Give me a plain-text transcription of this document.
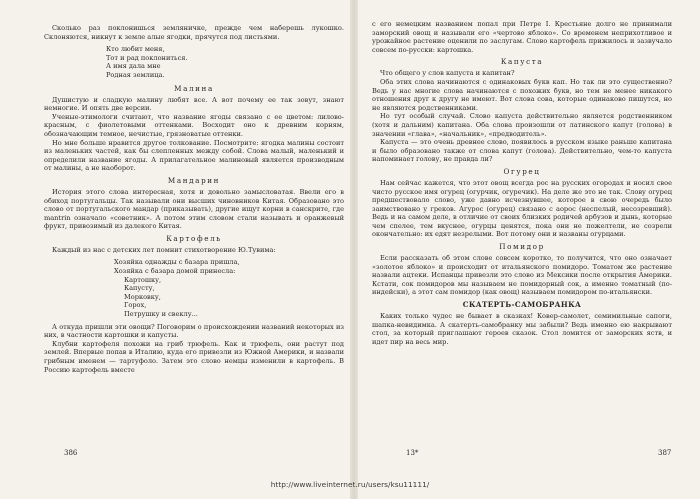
Сколько раз поклонишься земляничке, прежде чем наберешь лукошко. Склоняются, никнут к земле алые ягодки, прячутся под листьями.

Кто любит меня,
Тот и рад поклониться.
А имя дала мне
Родная землица.
Малина

Душистую и сладкую малину любят все. А вот почему ее так зовут, знают немногие. И опять две версии.

Ученые-этимологи считают, что название ягоды связано с ее цветом: лилово-красным, с фиолетовыми оттенками. Восходит оно к древним корням, обозначающим темное, нечистые, грязноватые оттенки.

Но мне больше нравится другое толкование. Посмотрите: ягодка малины состоит из маленьких частей, как бы слепленных между собой. Слова малый, маленький и определили название ягоды. А прилагательное малиновый является производным от малины, а не наоборот.

Мандарин

История этого слова интересная, хотя и довольно замысловатая. Ввели его в обиход португальцы. Так называли они высших чиновников Китая. Образовано это слово от португальского мандар (приказывать), другие ищут корни в санскрите, где mantrin означало «советник». А потом этим словом стали называть и оранжевый фрукт, привозимый из далекого Китая.

Картофель

Каждый из нас с детских лет помнит стихотворение Ю.Тувима:

Хозяйка однажды с базара пришла,
Хозяйка с базара домой принесла:
Картошку,
Капусту,
Морковку,
Горох,
Петрушку и свеклу...

А откуда пришли эти овощи? Поговорим о происхождении названий некоторых из них, в частности картошки и капусты.

Клубни картофеля похожи на гриб трюфель. Как и трюфель, они растут под землей. Впервые попав в Италию, куда его привезли из Южной Америки, и назвали грибным именем — тартуфоло. Затем это слово немцы изменили в картофель. В Россию картофель вместе

с его немецким названием попал при Петре I. Крестьяне долго не принимали заморский овощ и называли его «чертово яблоко». Со временем неприхотливое и урожайное растение оценили по заслугам. Слово картофель прижилось и зазвучало совсем по-русски: картошка.

Капуста

Что общего у слов капуста и капитан?

Оба этих слова начинаются с одинаковых букв кап. Но так ли это существенно? Ведь у нас многие слова начинаются с похожих букв, но тем не менее никакого отношения друг к другу не имеют. Вот слова сова, которые одинаково пишутся, но не являются родственниками.

Но тут особый случай. Слово капуста действительно является родственником (хотя и дальним) капитана. Оба слова произошли от латинского капут (голова) в значении «глава», «начальник», «предводитель».

Капуста — это очень древнее слово, появилось в русском языке раньше капитана и было образовано также от слова капут (голова). Действительно, чем-то капуста напоминает голову, не правда ли?

Огурец

Нам сейчас кажется, что этот овощ всегда рос на русских огородах и носил свое чисто русское имя огурец (огурчик, огуречик). На деле же это не так. Слову огурец предшествовало слово, уже давно исчезнувшее, которое в свою очередь было заимствовано у греков. Агурос (огурец) связано с аорос (неспелый, несозревший). Ведь и на самом деле, в отличие от своих близких родичей арбузов и дынь, которые чем спелее, тем вкуснее, огурцы ценятся, пока они не пожелтели, не созрели окончательно: их едят незрелыми. Вот потому они и названы огурцами.

Помидор

Если рассказать об этом слове совсем коротко, то получится, что оно означает «золотое яблоко» и происходит от итальянского помидоро. Томатом же растение назвали ацтеки. Испанцы привезли это слово из Мексики после открытия Америки. Кстати, сок помидоров мы называем не помидорный сок, а именно томатный (по-индейски), а этот сам помидор (как овощ) называем помидором по-итальянски.

СКАТЕРТЬ-САМОБРАНКА

Каких только чудес не бывает в сказках! Ковер-самолет, семимильные сапоги, шапка-невидимка. А скатерть-самобранку мы забыли? Ведь именно ею накрывают стол, за который приглашают героев сказок. Стол ломится от заморских яств, и идет пир на весь мир.

386	13*	387
http://www.liveinternet.ru/users/ksu11111/
